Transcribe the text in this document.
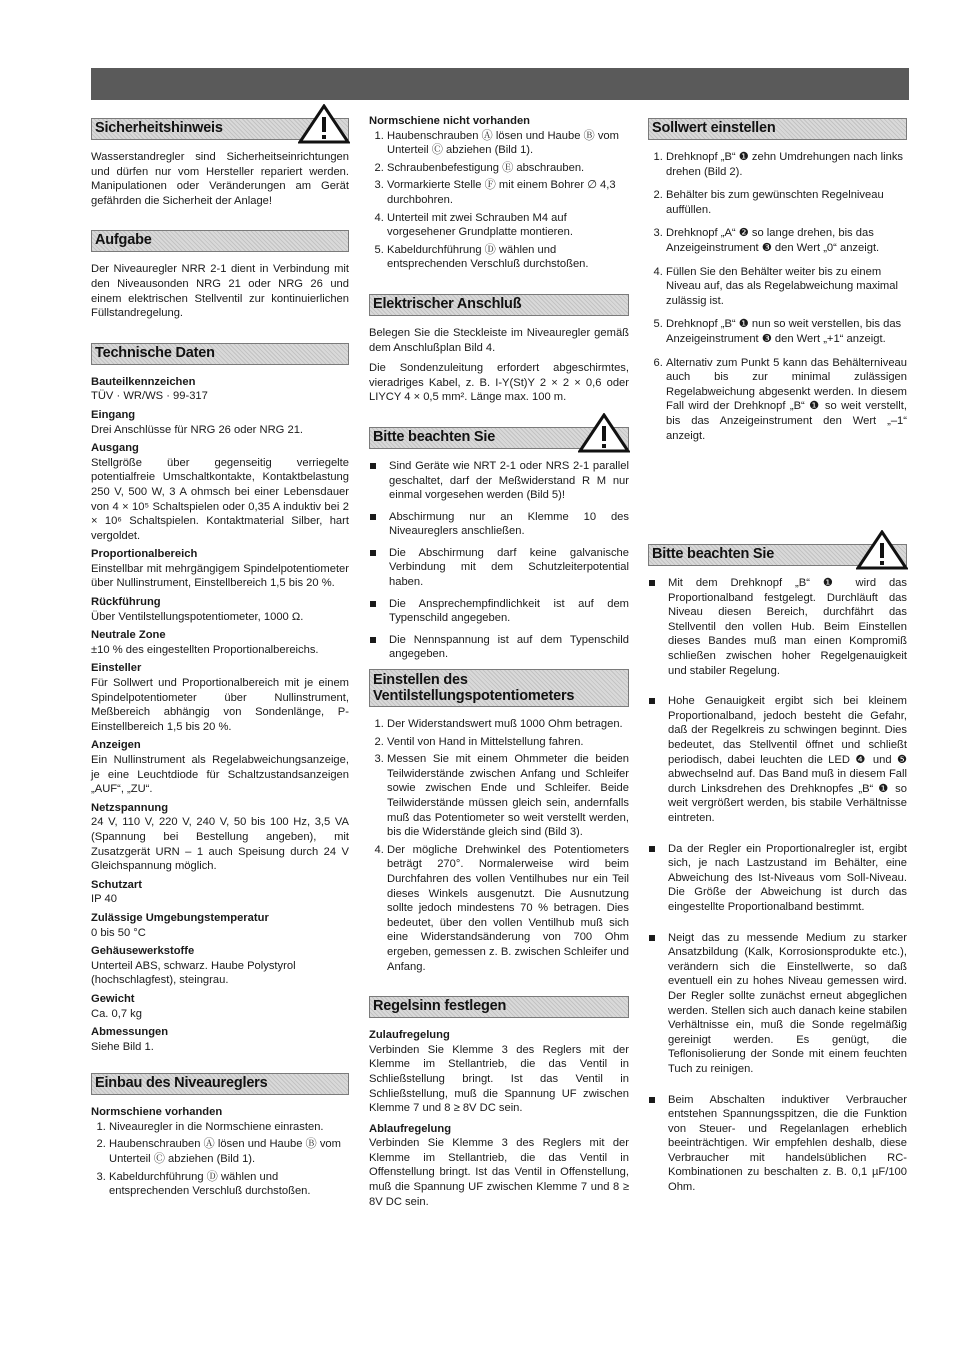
Sicherheitshinweis

Wasserstandregler sind Sicherheitseinrichtungen und dürfen nur vom Hersteller repariert werden. Manipulationen oder Veränderungen am Gerät gefährden die Sicherheit der Anlage!

Aufgabe

Der Niveauregler NRR 2-1 dient in Verbindung mit den Niveausonden NRG 21 oder NRG 26 und einem elektrischen Stellventil zur kontinuierlichen Füllstandregelung.

Technische Daten
Bauteilkennzeichen
TÜV · WR/WS · 99-317
Eingang
Drei Anschlüsse für NRG 26 oder NRG 21.
Ausgang
Stellgröße über gegenseitig verriegelte potentialfreie Umschaltkontakte, Kontaktbelastung 250 V, 500 W, 3 A ohmsch bei einer Lebensdauer von 4 × 10⁵ Schaltspielen oder 0,35 A induktiv bei 2 × 10⁶ Schaltspielen. Kontaktmaterial Silber, hart vergoldet.
Proportionalbereich
Einstellbar mit mehrgängigem Spindelpotentiometer über Nullinstrument, Einstellbereich 1,5 bis 20 %.
Rückführung
Über Ventilstellungspotentiometer, 1000 Ω.
Neutrale Zone
±10 % des eingestellten Proportionalbereichs.
Einsteller
Für Sollwert und Proportionalbereich mit je einem Spindelpotentiometer über Nullinstrument, Meßbereich abhängig von Sondenlänge, P-Einstellbereich 1,5 bis 20 %.
Anzeigen
Ein Nullinstrument als Regelabweichungsanzeige, je eine Leuchtdiode für Schaltzustandsanzeigen „AUF“, „ZU“.
Netzspannung
24 V, 110 V, 220 V, 240 V, 50 bis 100 Hz, 3,5 VA (Spannung bei Bestellung angeben), mit Zusatzgerät URN – 1 auch Speisung durch 24 V Gleichspannung möglich.
Schutzart
IP 40
Zulässige Umgebungstemperatur
0 bis 50 °C
Gehäusewerkstoffe
Unterteil ABS, schwarz. Haube Polystyrol (hochschlagfest), steingrau.
Gewicht
Ca. 0,7 kg
Abmessungen
Siehe Bild 1.
Einbau des Niveaureglers
Normschiene vorhanden
1. Niveauregler in die Normschiene einrasten.
2. Haubenschrauben Ⓐ lösen und Haube Ⓑ vom Unterteil Ⓒ abziehen (Bild 1).
3. Kabeldurchführung Ⓓ wählen und entsprechenden Verschluß durchstoßen.
Normschiene nicht vorhanden
1. Haubenschrauben Ⓐ lösen und Haube Ⓑ vom Unterteil Ⓒ abziehen (Bild 1).
2. Schraubenbefestigung Ⓔ abschrauben.
3. Vormarkierte Stelle Ⓕ mit einem Bohrer ∅ 4,3 durchbohren.
4. Unterteil mit zwei Schrauben M4 auf vorgesehener Grundplatte montieren.
5. Kabeldurchführung Ⓓ wählen und entsprechenden Verschluß durchstoßen.
Elektrischer Anschluß

Belegen Sie die Steckleiste im Niveauregler gemäß dem Anschlußplan Bild 4.

Die Sondenzuleitung erfordert abgeschirmtes, vieradriges Kabel, z. B. I-Y(St)Y 2 × 2 × 0,6 oder LIYCY 4 × 0,5 mm². Länge max. 100 m.

Bitte beachten Sie
Sind Geräte wie NRT 2-1 oder NRS 2-1 parallel geschaltet, darf der Meßwiderstand R M nur einmal vorgesehen werden (Bild 5)!
Abschirmung nur an Klemme 10 des Niveaureglers anschließen.
Die Abschirmung darf keine galvanische Verbindung mit dem Schutzleiterpotential haben.
Die Ansprechempfindlichkeit ist auf dem Typenschild angegeben.
Die Nennspannung ist auf dem Typenschild angegeben.
Einstellen des
Ventilstellungspotentiometers
1. Der Widerstandswert muß 1000 Ohm betragen.
2. Ventil von Hand in Mittelstellung fahren.
3. Messen Sie mit einem Ohmmeter die beiden Teilwiderstände zwischen Anfang und Schleifer sowie zwischen Ende und Schleifer. Beide Teilwiderstände müssen gleich sein, andernfalls muß das Potentiometer so weit verstellt werden, bis die Widerstände gleich sind (Bild 3).
4. Der mögliche Drehwinkel des Potentiometers beträgt 270°. Normalerweise wird beim Durchfahren des vollen Ventilhubes nur ein Teil dieses Winkels ausgenutzt. Die Ausnutzung sollte jedoch mindestens 70 % betragen. Dies bedeutet, über den vollen Ventilhub muß sich eine Widerstandsänderung von 700 Ohm ergeben, gemessen z. B. zwischen Schleifer und Anfang.
Regelsinn festlegen
Zulaufregelung

Verbinden Sie Klemme 3 des Reglers mit der Klemme im Stellantrieb, die das Ventil in Schließstellung bringt. Ist das Ventil in Schließstellung, muß die Spannung UF zwischen Klemme 7 und 8 ≥ 8V DC sein.

Ablaufregelung

Verbinden Sie Klemme 3 des Reglers mit der Klemme im Stellantrieb, die das Ventil in Offenstellung bringt. Ist das Ventil in Offenstellung, muß die Spannung UF zwischen Klemme 7 und 8 ≥ 8V DC sein.

Sollwert einstellen
1. Drehknopf „B“ ❶ zehn Umdrehungen nach links drehen (Bild 2).
2. Behälter bis zum gewünschten Regelniveau auffüllen.
3. Drehknopf „A“ ❷ so lange drehen, bis das Anzeigeinstrument ❸ den Wert „0“ anzeigt.
4. Füllen Sie den Behälter weiter bis zu einem Niveau auf, das als Regelabweichung maximal zulässig ist.
5. Drehknopf „B“ ❶ nun so weit verstellen, bis das Anzeigeinstrument ❸ den Wert „+1“ anzeigt.
6. Alternativ zum Punkt 5 kann das Behälterniveau auch bis zur minimal zulässigen Regelabweichung abgesenkt werden. In diesem Fall wird der Drehknopf „B“ ❶ so weit verstellt, bis das Anzeigeinstrument den Wert „–1“ anzeigt.
Bitte beachten Sie
Mit dem Drehknopf „B“ ❶ wird das Proportionalband festgelegt. Durchläuft das Niveau diesen Bereich, durchfährt das Stellventil den vollen Hub. Beim Einstellen dieses Bandes muß man einen Kompromiß schließen zwischen hoher Regelgenauigkeit und stabiler Regelung.
Hohe Genauigkeit ergibt sich bei kleinem Proportionalband, jedoch besteht die Gefahr, daß der Regelkreis zu schwingen beginnt. Dies bedeutet, das Stellventil öffnet und schließt periodisch, dabei leuchten die LED ❹ und ❺ abwechselnd auf. Das Band muß in diesem Fall durch Linksdrehen des Drehknopfes „B“ ❶ so weit vergrößert werden, bis stabile Verhältnisse eintreten.
Da der Regler ein Proportionalregler ist, ergibt sich, je nach Lastzustand im Behälter, eine Abweichung des Ist-Niveaus vom Soll-Niveau. Die Größe der Abweichung ist durch das eingestellte Proportionalband bestimmt.
Neigt das zu messende Medium zu starker Ansatzbildung (Kalk, Korrosionsprodukte etc.), verändern sich die Einstellwerte, so daß eventuell ein zu hohes Niveau gemessen wird. Der Regler sollte zunächst erneut abgeglichen werden. Stellen sich auch danach keine stabilen Verhältnisse ein, muß die Sonde regelmäßig gereinigt werden. Es genügt, die Teflonisolierung der Sonde mit einem feuchten Tuch zu reinigen.
Beim Abschalten induktiver Verbraucher entstehen Spannungsspitzen, die die Funktion von Steuer- und Regelanlagen erheblich beeinträchtigen. Wir empfehlen deshalb, diese Verbraucher mit handelsüblichen RC-Kombinationen zu beschalten z. B. 0,1 µF/100 Ohm.
